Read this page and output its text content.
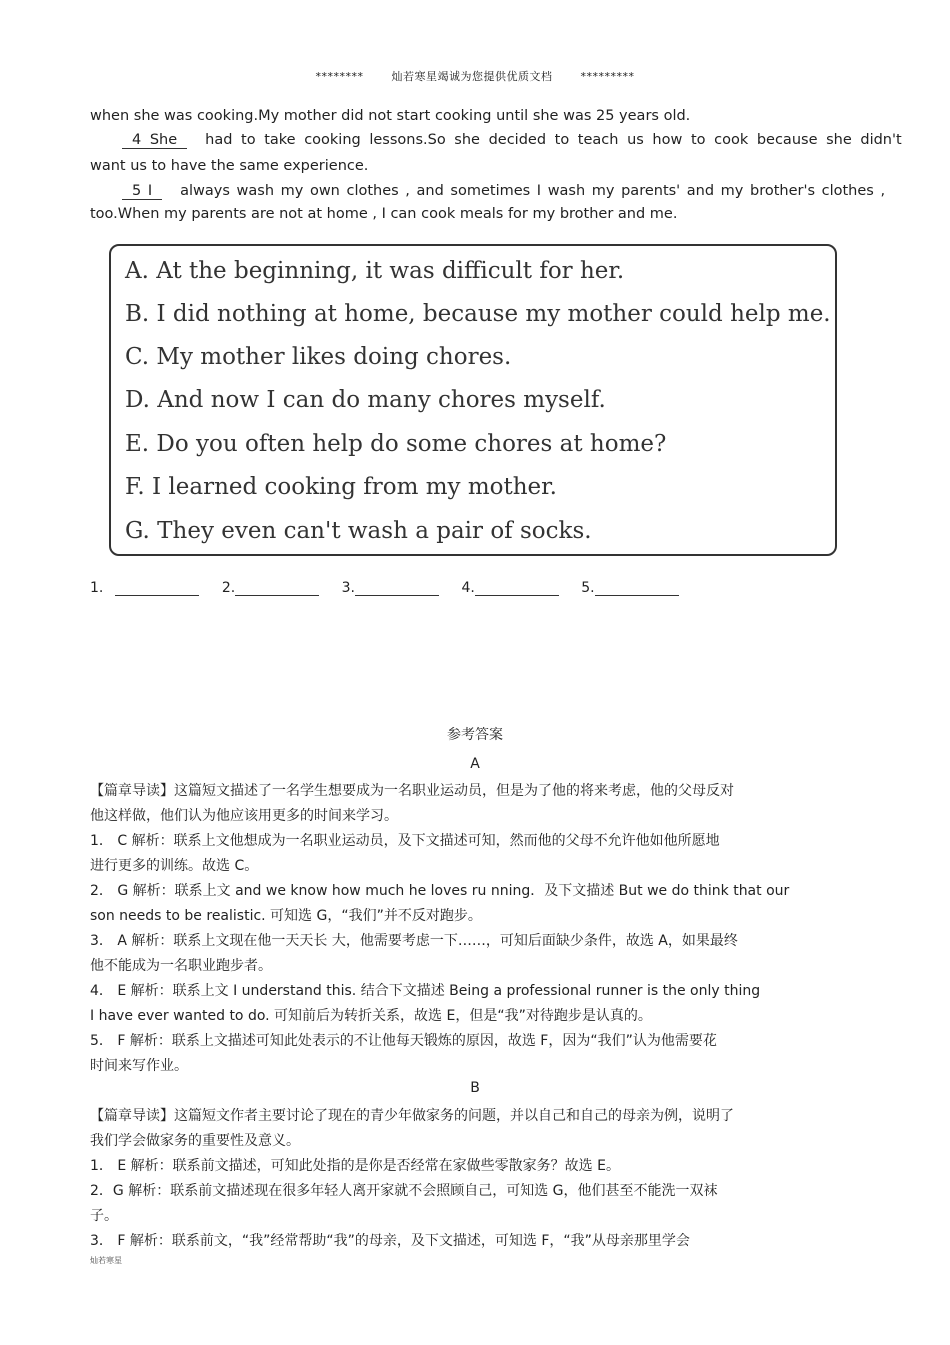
********	灿若寒星竭诚为您提供优质文档	*********
when she was cooking.My mother did not start cooking until she was 25 years old.
4 She had to take cooking lessons.So she decided to teach us how to cook because she didn't
want us to have the same experience.
5 I always wash my own clothes , and sometimes I wash my parents' and my brother's clothes ,
too.When my parents are not at home , I can cook meals for my brother and me.
A. At the beginning, it was difficult for her.
B. I did nothing at home, because my mother could help me.
C. My mother likes doing chores.
D. And now I can do many chores myself.
E. Do you often help do some chores at home?
F. I learned cooking from my mother.
G. They even can't wash a pair of socks.
1.	2.	3.	4.	5.
参考答案
A
【篇章导读】这篇短文描述了一名学生想要成为一名职业运动员，但是为了他的将来考虑，他的父母反对
他这样做，他们认为他应该用更多的时间来学习。
1． C 解析：联系上文他想成为一名职业运动员，及下文描述可知，然而他的父母不允许他如他所愿地
进行更多的训练。故选 C。
2． G 解析：联系上文 and we know how much he loves ru nning．及下文描述 But we do think that our
son needs to be realistic. 可知选 G，“我们”并不反对跑步。
3． A 解析：联系上文现在他一天天长 大，他需要考虑一下……，可知后面缺少条件，故选 A，如果最终
他不能成为一名职业跑步者。
4． E 解析：联系上文 I understand this. 结合下文描述 Being a professional runner is the only thing
I have ever wanted to do. 可知前后为转折关系，故选 E，但是“我”对待跑步是认真的。
5． F 解析：联系上文描述可知此处表示的不让他每天锻炼的原因，故选 F，因为“我们”认为他需要花
时间来写作业。
B
【篇章导读】这篇短文作者主要讨论了现在的青少年做家务的问题，并以自己和自己的母亲为例，说明了
我们学会做家务的重要性及意义。
1． E 解析：联系前文描述，可知此处指的是你是否经常在家做些零散家务？故选 E。
2．G 解析：联系前文描述现在很多年轻人离开家就不会照顾自己，可知选 G，他们甚至不能洗一双袜
子。
3． F 解析：联系前文，“我”经常帮助“我”的母亲，及下文描述，可知选 F，“我”从母亲那里学会
灿若寒星
